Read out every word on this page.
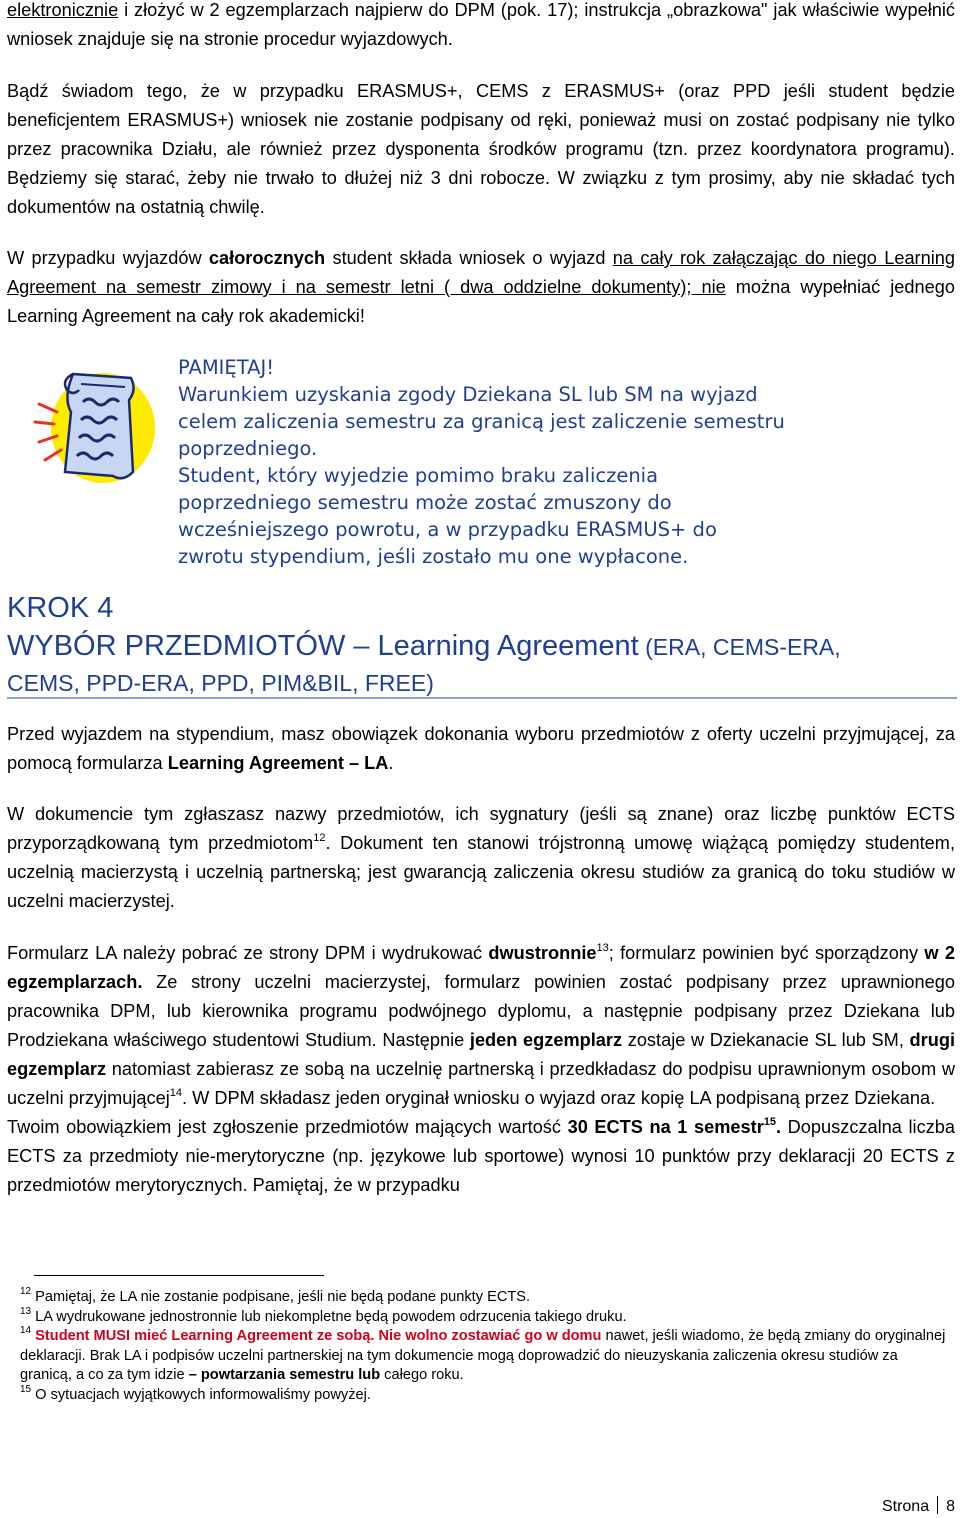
elektronicznie i złożyć w 2 egzemplarzach najpierw do DPM (pok. 17); instrukcja „obrazkowa" jak właściwie wypełnić wniosek znajduje się na stronie procedur wyjazdowych.

Bądź świadom tego, że w przypadku ERASMUS+, CEMS z ERASMUS+ (oraz PPD jeśli student będzie beneficjentem ERASMUS+) wniosek nie zostanie podpisany od ręki, ponieważ musi on zostać podpisany nie tylko przez pracownika Działu, ale również przez dysponenta środków programu (tzn. przez koordynatora programu). Będziemy się starać, żeby nie trwało to dłużej niż 3 dni robocze. W związku z tym prosimy, aby nie składać tych dokumentów na ostatnią chwilę.

W przypadku wyjazdów całorocznych student składa wniosek o wyjazd na cały rok załączając do niego Learning Agreement na semestr zimowy i na semestr letni ( dwa oddzielne dokumenty); nie można wypełniać jednego Learning Agreement na cały rok akademicki!

PAMIĘTAJ!
Warunkiem uzyskania zgody Dziekana SL lub SM na wyjazd
celem zaliczenia semestru za granicą jest zaliczenie semestru
poprzedniego.
Student, który wyjedzie pomimo braku zaliczenia
poprzedniego semestru może zostać zmuszony do
wcześniejszego powrotu, a w przypadku ERASMUS+ do
zwrotu stypendium, jeśli zostało mu one wypłacone.
KROK 4
WYBÓR PRZEDMIOTÓW – Learning Agreement (ERA, CEMS-ERA,
CEMS, PPD-ERA, PPD, PIM&BIL, FREE)

Przed wyjazdem na stypendium, masz obowiązek dokonania wyboru przedmiotów z oferty uczelni przyjmującej, za pomocą formularza Learning Agreement – LA.

W dokumencie tym zgłaszasz nazwy przedmiotów, ich sygnatury (jeśli są znane) oraz liczbę punktów ECTS przyporządkowaną tym przedmiotom$^{12}$. Dokument ten stanowi trójstronną umowę wiążącą pomiędzy studentem, uczelnią macierzystą i uczelnią partnerską; jest gwarancją zaliczenia okresu studiów za granicą do toku studiów w uczelni macierzystej.

Formularz LA należy pobrać ze strony DPM i wydrukować dwustronnie$^{13}$; formularz powinien być sporządzony w 2 egzemplarzach. Ze strony uczelni macierzystej, formularz powinien zostać podpisany przez uprawnionego pracownika DPM, lub kierownika programu podwójnego dyplomu, a następnie podpisany przez Dziekana lub Prodziekana właściwego studentowi Studium. Następnie jeden egzemplarz zostaje w Dziekanacie SL lub SM, drugi egzemplarz natomiast zabierasz ze sobą na uczelnię partnerską i przedkładasz do podpisu uprawnionym osobom w uczelni przyjmującej$^{14}$. W DPM składasz jeden oryginał wniosku o wyjazd oraz kopię LA podpisaną przez Dziekana.
Twoim obowiązkiem jest zgłoszenie przedmiotów mających wartość 30 ECTS na 1 semestr$^{15}$. Dopuszczalna liczba ECTS za przedmioty nie-merytoryczne (np. językowe lub sportowe) wynosi 10 punktów przy deklaracji 20 ECTS z przedmiotów merytorycznych. Pamiętaj, że w przypadku

$^{12}$ Pamiętaj, że LA nie zostanie podpisane, jeśli nie będą podane punkty ECTS.

$^{13}$ LA wydrukowane jednostronnie lub niekompletne będą powodem odrzucenia takiego druku.

$^{14}$ Student MUSI mieć Learning Agreement ze sobą. Nie wolno zostawiać go w domu nawet, jeśli wiadomo, że będą zmiany do oryginalnej deklaracji. Brak LA i podpisów uczelni partnerskiej na tym dokumencie mogą doprowadzić do nieuzyskania zaliczenia okresu studiów za granicą, a co za tym idzie – powtarzania semestru lub całego roku.

$^{15}$ O sytuacjach wyjątkowych informowaliśmy powyżej.

Strona 8
